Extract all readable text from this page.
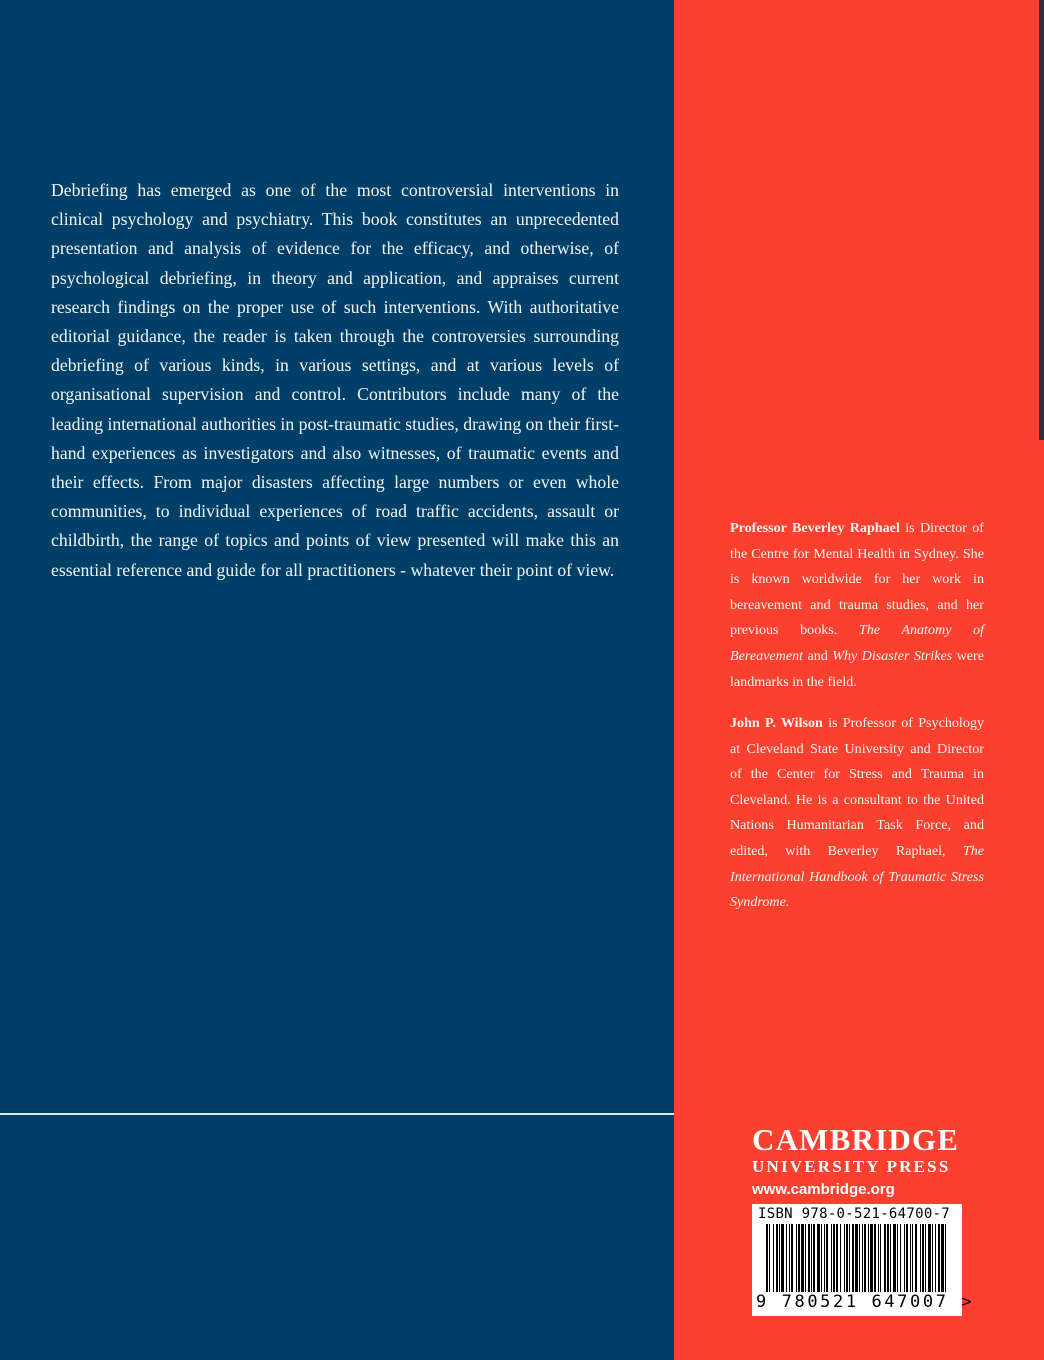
Debriefing has emerged as one of the most controversial interventions in clinical psychology and psychiatry. This book constitutes an unprecedented presentation and analysis of evidence for the efficacy, and otherwise, of psychological debriefing, in theory and application, and appraises current research findings on the proper use of such interventions. With authoritative editorial guidance, the reader is taken through the controversies surrounding debriefing of various kinds, in various settings, and at various levels of organisational supervision and control. Contributors include many of the leading international authorities in post-traumatic studies, drawing on their first-hand experiences as investigators and also witnesses, of traumatic events and their effects. From major disasters affecting large numbers or even whole communities, to individual experiences of road traffic accidents, assault or childbirth, the range of topics and points of view presented will make this an essential reference and guide for all practitioners - whatever their point of view.

Professor Beverley Raphael is Director of the Centre for Mental Health in Sydney. She is known worldwide for her work in bereavement and trauma studies, and her previous books. The Anatomy of Bereavement and Why Disaster Strikes were landmarks in the field.

John P. Wilson is Professor of Psychology at Cleveland State University and Director of the Center for Stress and Trauma in Cleveland. He is a consultant to the United Nations Humanitarian Task Force, and edited, with Beverley Raphael, The International Handbook of Traumatic Stress Syndrome.

CAMBRIDGE
UNIVERSITY PRESS
www.cambridge.org
ISBN 978-0-521-64700-7
9 780521 647007 >
